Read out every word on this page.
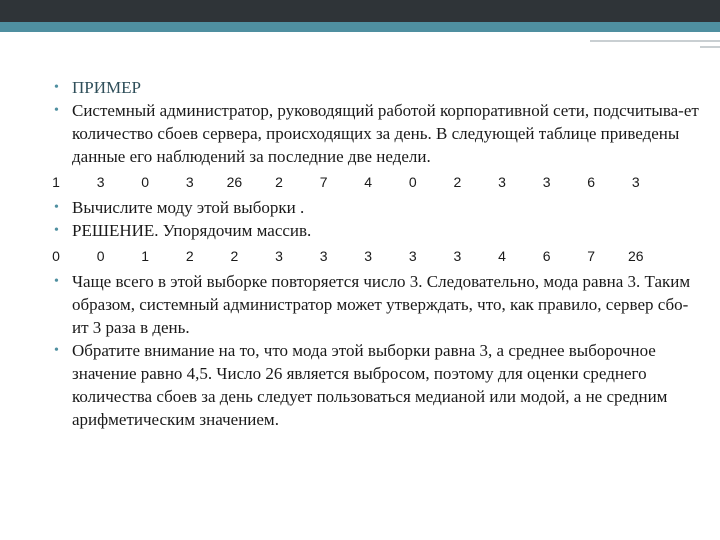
• ПРИМЕР
• Системный администратор, руководящий работой корпоративной сети, подсчитыва-ет количество сбоев сервера, происходящих за день. В следующей таблице приведены данные его наблюдений за последние две недели.
1	3	0	3	26	2	7	4	0	2	3	3	6	3
• Вычислите моду этой выборки .
• РЕШЕНИЕ. Упорядочим массив.
0	0	1	2	2	3	3	3	3	3	4	6	7	26
• Чаще всего в этой выборке повторяется число 3. Следовательно, мода равна 3. Таким образом, системный администратор может утверждать, что, как правило, сервер сбо-ит 3 раза в день.
• Обратите внимание на то, что мода этой выборки равна 3, а среднее выборочное значение равно 4,5. Число 26 является выбросом, поэтому для оценки среднего количества сбоев за день следует пользоваться медианой или модой, а не средним арифметическим значением.
